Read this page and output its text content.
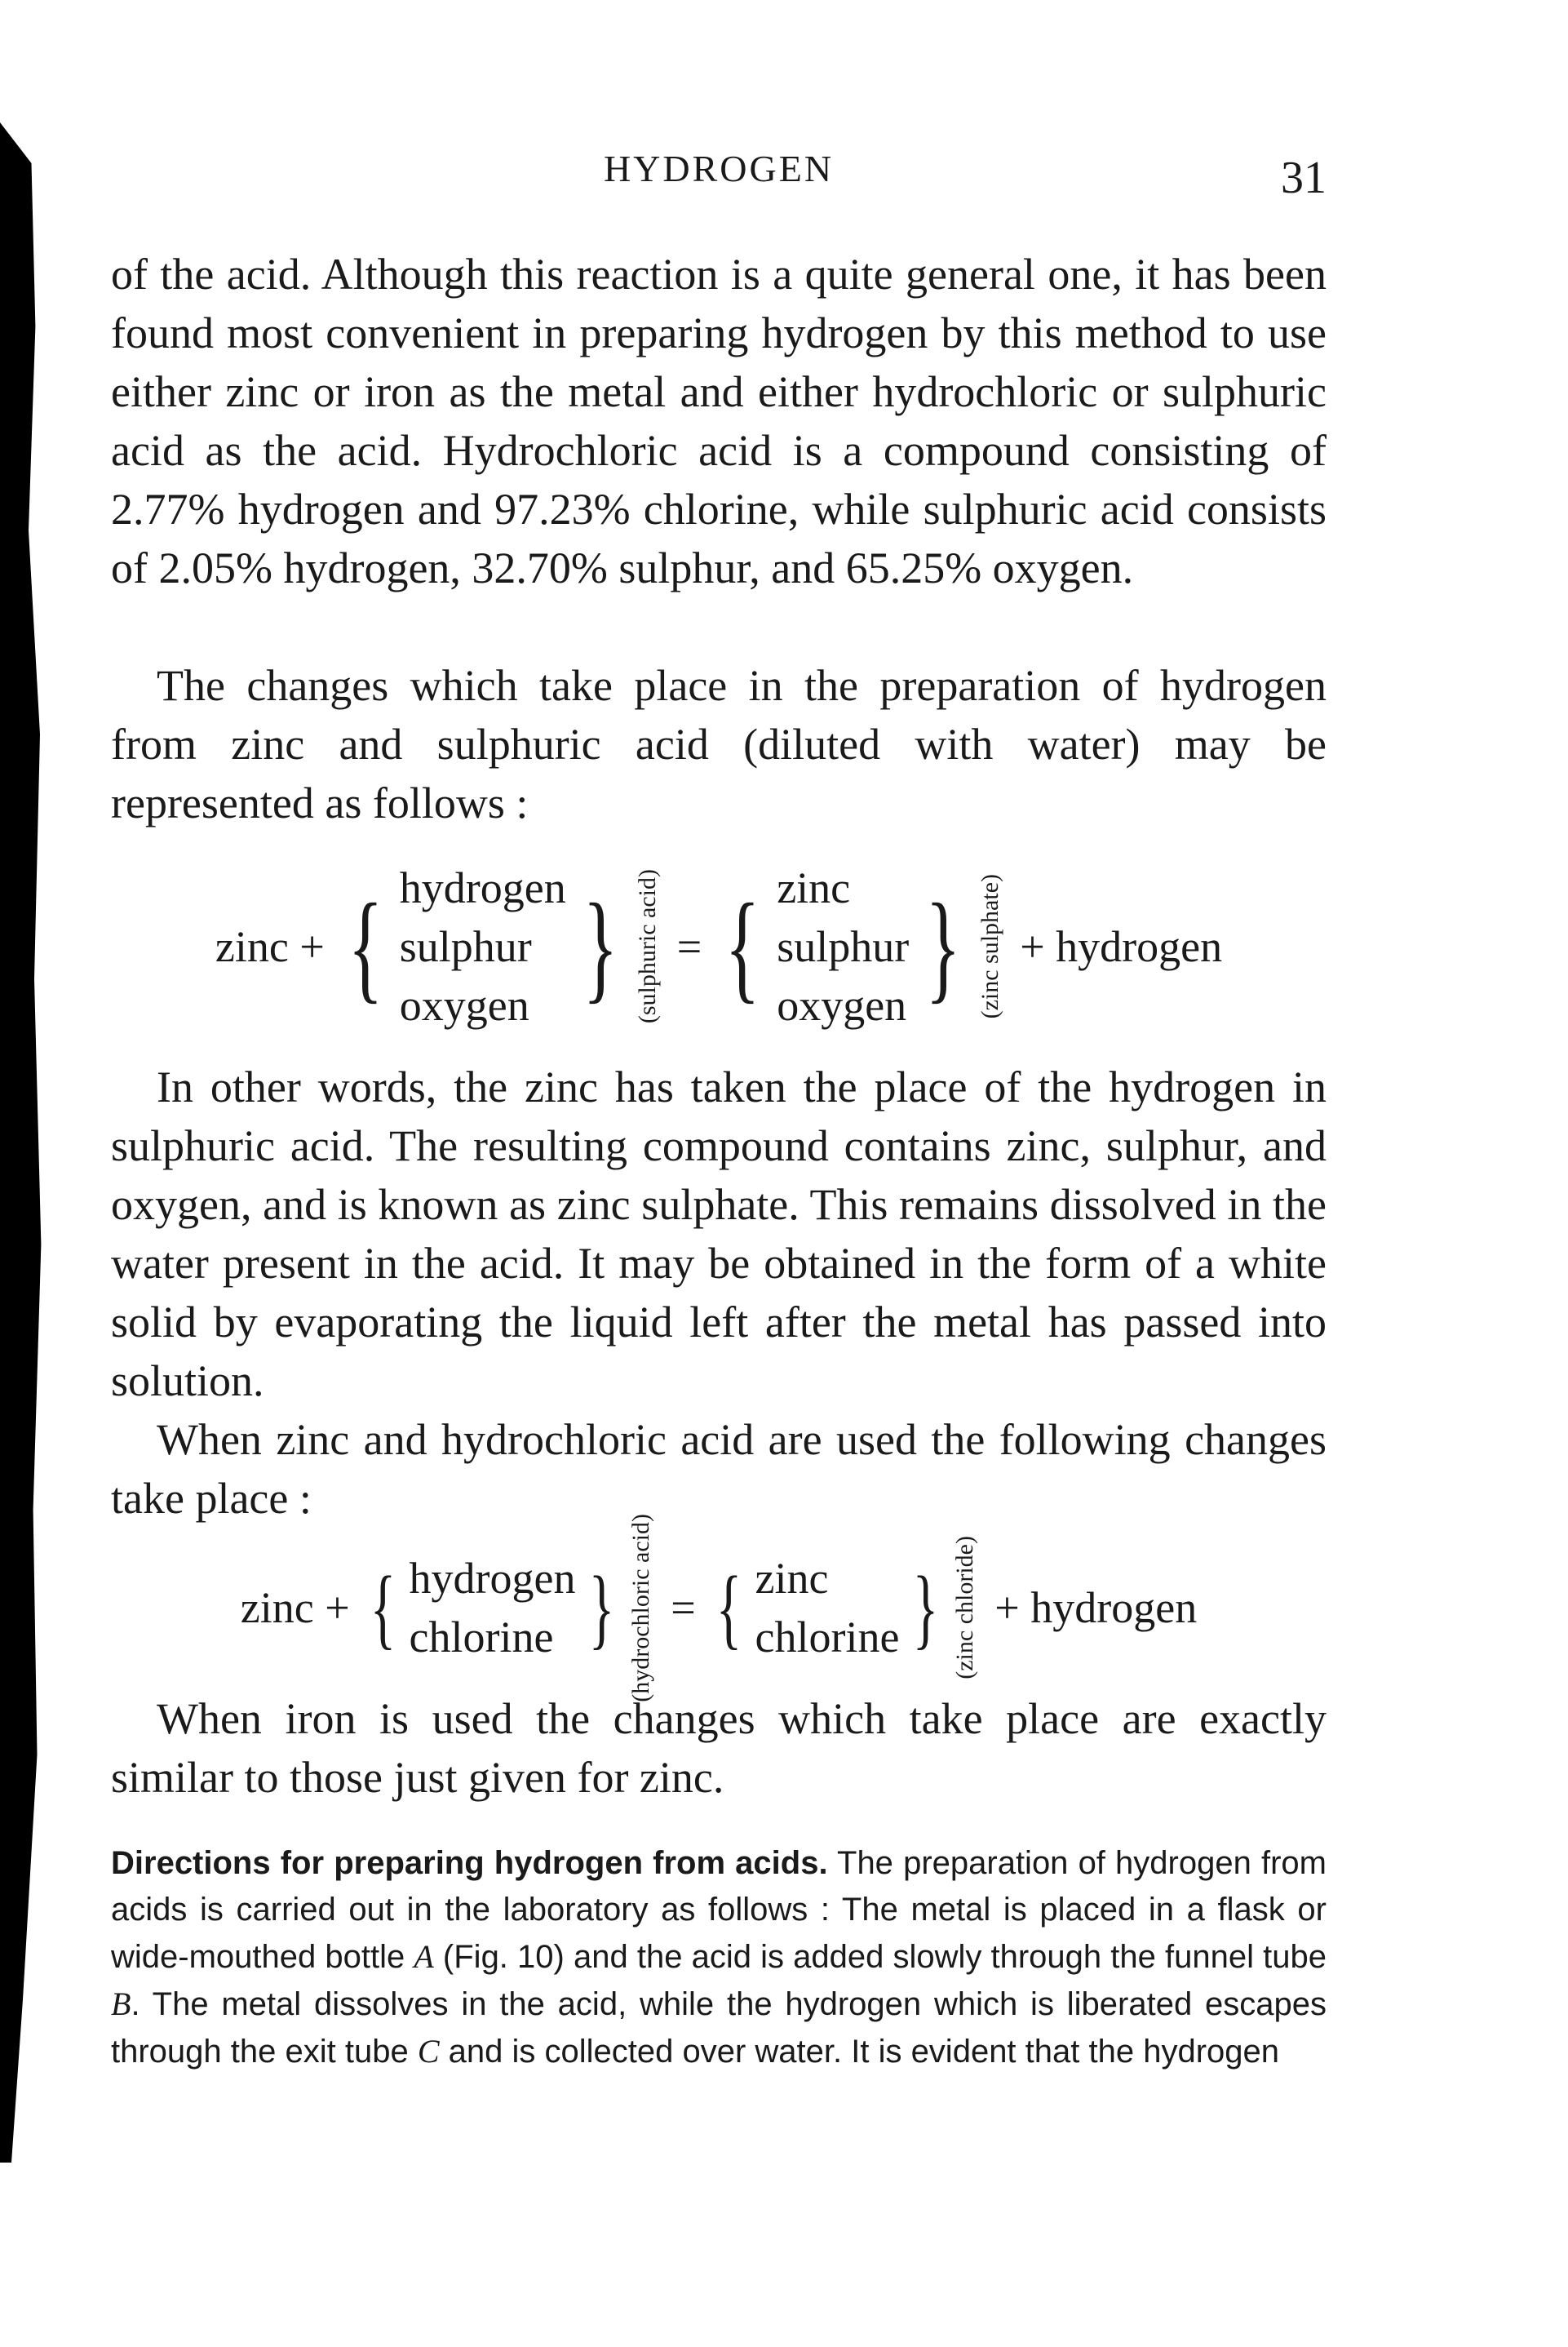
HYDROGEN	31

of the acid. Although this reaction is a quite general one, it has been found most convenient in preparing hydrogen by this method to use either zinc or iron as the metal and either hydrochloric or sulphuric acid as the acid. Hydrochloric acid is a compound consisting of 2.77% hydrogen and 97.23% chlorine, while sulphuric acid consists of 2.05% hydrogen, 32.70% sulphur, and 65.25% oxygen.

The changes which take place in the preparation of hydrogen from zinc and sulphuric acid (diluted with water) may be represented as follows :

zinc + { hydrogen
sulphur
oxygen } (sulphuric acid) = { zinc
sulphur
oxygen } (zinc sulphate) + hydrogen

In other words, the zinc has taken the place of the hydrogen in sulphuric acid. The resulting compound contains zinc, sulphur, and oxygen, and is known as zinc sulphate. This remains dissolved in the water present in the acid. It may be obtained in the form of a white solid by evaporating the liquid left after the metal has passed into solution.

When zinc and hydrochloric acid are used the following changes take place :

zinc + { hydrogen
chlorine } (hydrochloric acid) = { zinc
chlorine } (zinc chloride) + hydrogen

When iron is used the changes which take place are exactly similar to those just given for zinc.

Directions for preparing hydrogen from acids. The preparation of hydrogen from acids is carried out in the laboratory as follows : The metal is placed in a flask or wide-mouthed bottle A (Fig. 10) and the acid is added slowly through the funnel tube B. The metal dissolves in the acid, while the hydrogen which is liberated escapes through the exit tube C and is collected over water. It is evident that the hydrogen
